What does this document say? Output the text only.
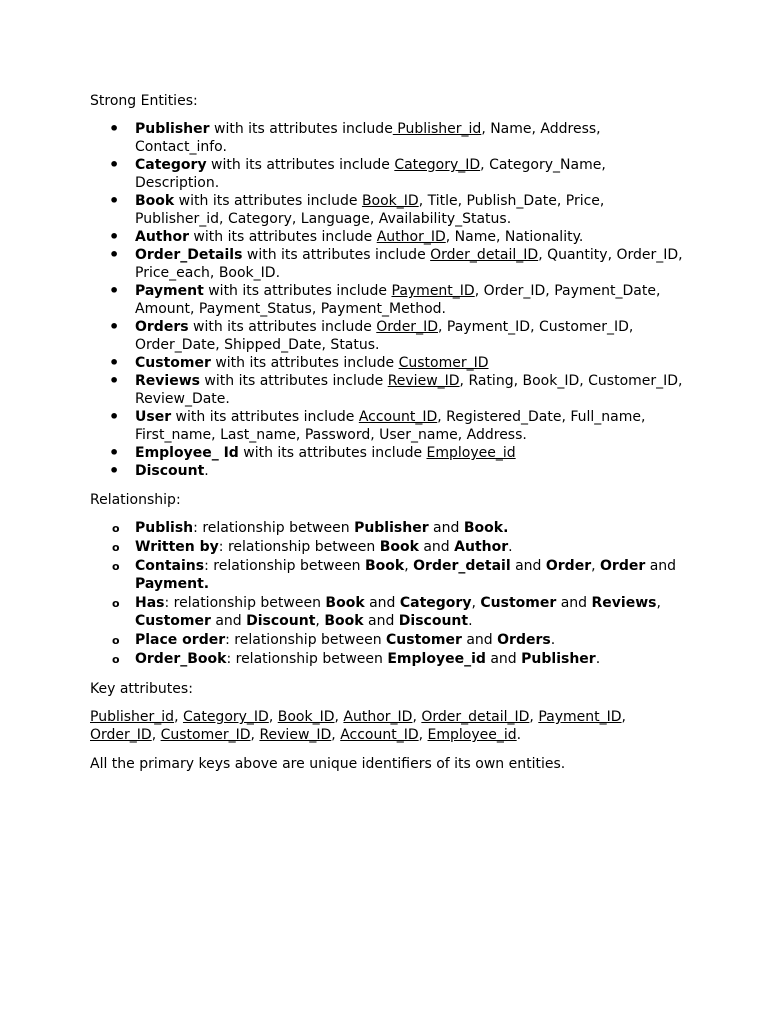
Strong Entities:

• Publisher with its attributes include Publisher_id, Name, Address, Contact_info.
• Category with its attributes include Category_ID, Category_Name, Description.
• Book with its attributes include Book_ID, Title, Publish_Date, Price, Publisher_id, Category, Language, Availability_Status.
• Author with its attributes include Author_ID, Name, Nationality.
• Order_Details with its attributes include Order_detail_ID, Quantity, Order_ID, Price_each, Book_ID.
• Payment with its attributes include Payment_ID, Order_ID, Payment_Date, Amount, Payment_Status, Payment_Method.
• Orders with its attributes include Order_ID, Payment_ID, Customer_ID, Order_Date, Shipped_Date, Status.
• Customer with its attributes include Customer_ID
• Reviews with its attributes include Review_ID, Rating, Book_ID, Customer_ID, Review_Date.
• User with its attributes include Account_ID, Registered_Date, Full_name, First_name, Last_name, Password, User_name, Address.
• Employee_ Id with its attributes include Employee_id
• Discount.

Relationship:

o Publish: relationship between Publisher and Book.
o Written by: relationship between Book and Author.
o Contains: relationship between Book, Order_detail and Order, Order and Payment.
o Has: relationship between Book and Category, Customer and Reviews, Customer and Discount, Book and Discount.
o Place order: relationship between Customer and Orders.
o Order_Book: relationship between Employee_id and Publisher.

Key attributes:

Publisher_id, Category_ID, Book_ID, Author_ID, Order_detail_ID, Payment_ID, Order_ID, Customer_ID, Review_ID, Account_ID, Employee_id.

All the primary keys above are unique identifiers of its own entities.
